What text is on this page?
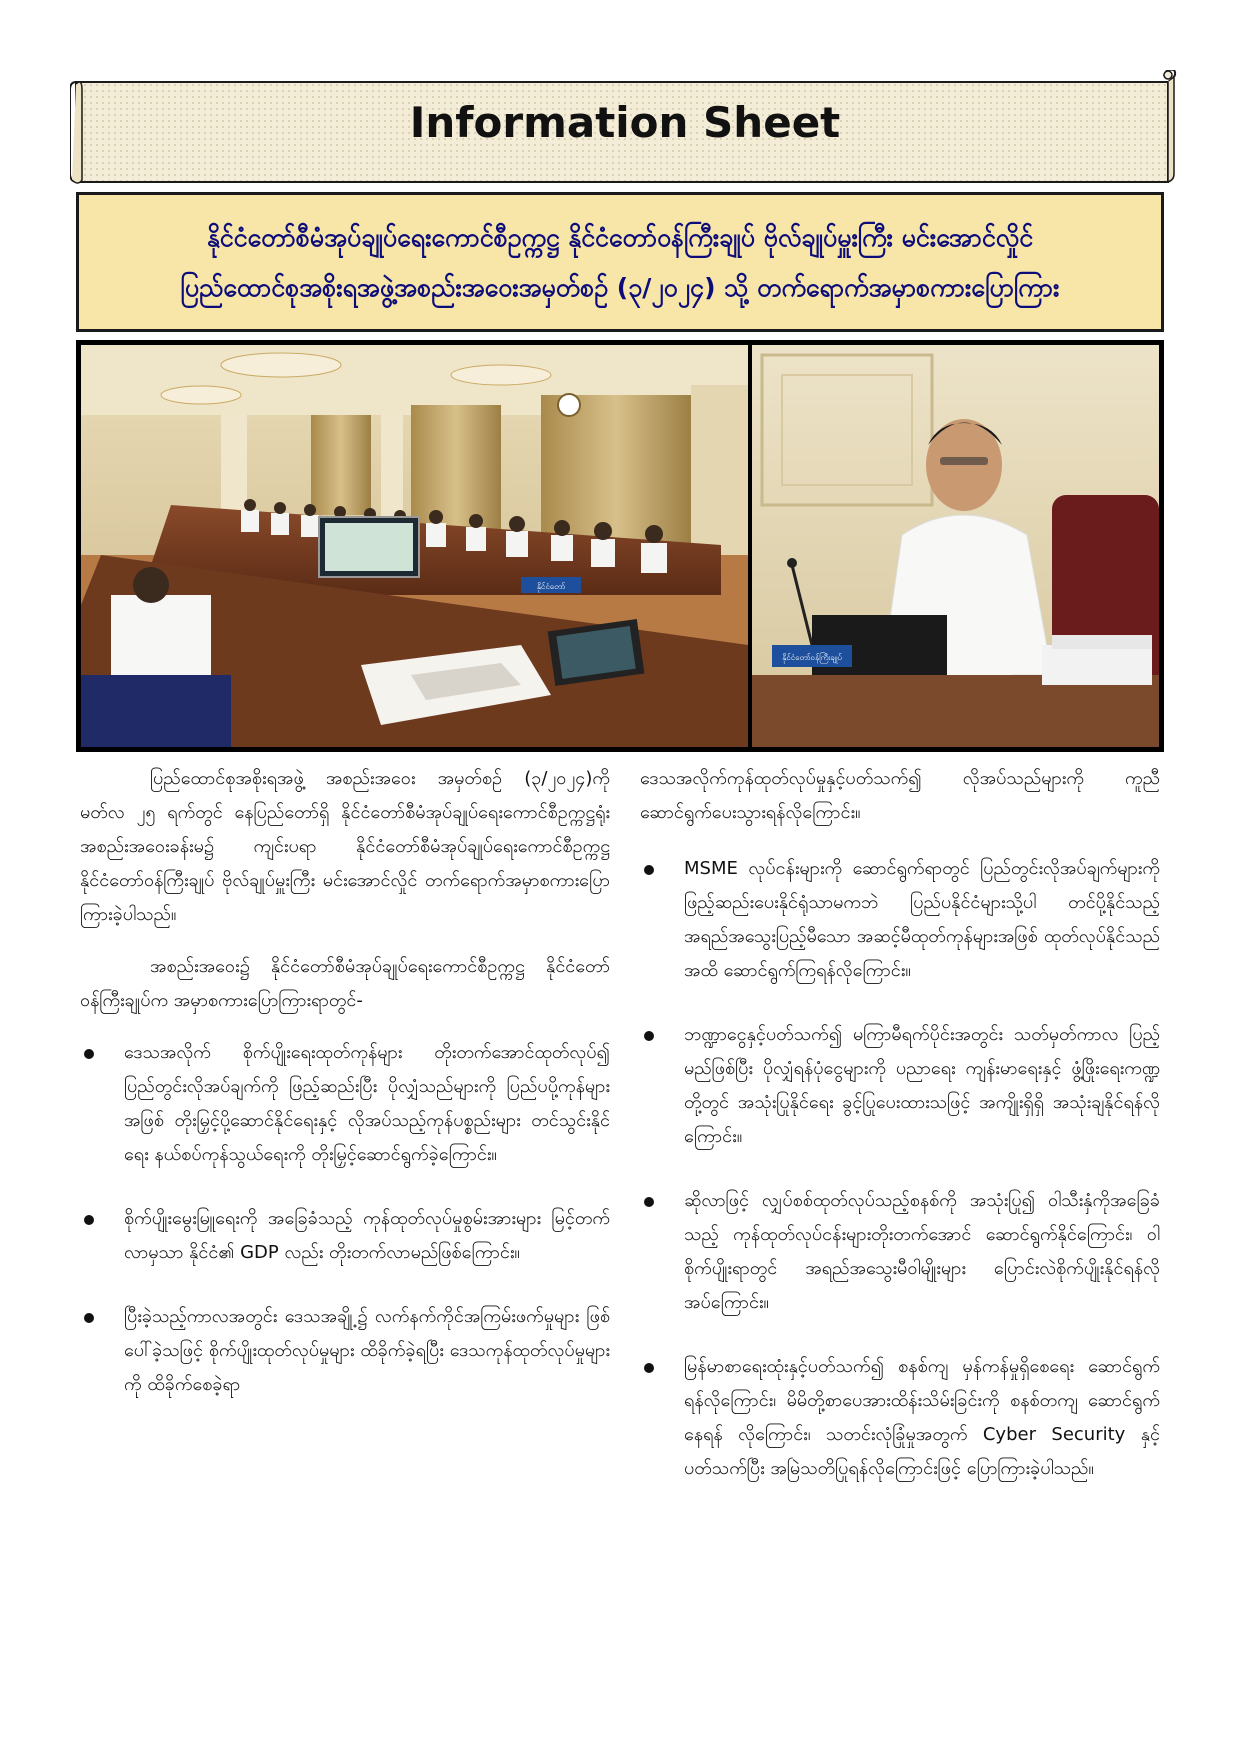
Information Sheet
နိုင်ငံတော်စီမံအုပ်ချုပ်ရေးကောင်စီဥက္ကဋ္ဌ နိုင်ငံတော်ဝန်ကြီးချုပ် ဗိုလ်ချုပ်မှူးကြီး မင်းအောင်လှိုင်
ပြည်ထောင်စုအစိုးရအဖွဲ့အစည်းအဝေးအမှတ်စဉ် (၃/၂၀၂၄) သို့ တက်ရောက်အမှာစကားပြောကြား
နိုင်ငံတော်
နိုင်ငံတော်ဝန်ကြီးချုပ်

ပြည်ထောင်စုအစိုးရအဖွဲ့ အစည်းအဝေး အမှတ်စဉ် (၃/၂၀၂၄)ကို မတ်လ ၂၅ ရက်တွင် နေပြည်တော်ရှိ နိုင်ငံတော်စီမံအုပ်ချုပ်ရေးကောင်စီဥက္ကဋ္ဌရုံး အစည်းအဝေးခန်းမ၌ ကျင်းပရာ နိုင်ငံတော်စီမံအုပ်ချုပ်ရေးကောင်စီဥက္ကဋ္ဌ နိုင်ငံတော်ဝန်ကြီးချုပ် ဗိုလ်ချုပ်မှူးကြီး မင်းအောင်လှိုင် တက်ရောက်အမှာစကားပြောကြားခဲ့ပါသည်။

အစည်းအဝေး၌ နိုင်ငံတော်စီမံအုပ်ချုပ်ရေးကောင်စီဥက္ကဋ္ဌ နိုင်ငံတော်ဝန်ကြီးချုပ်က အမှာစကားပြောကြားရာတွင်-

ဒေသအလိုက် စိုက်ပျိုးရေးထုတ်ကုန်များ တိုးတက်အောင်ထုတ်လုပ်၍ ပြည်တွင်းလိုအပ်ချက်ကို ဖြည့်ဆည်းပြီး ပိုလျှံသည်များကို ပြည်ပပို့ကုန်များအဖြစ် တိုးမြှင့်ပို့ဆောင်နိုင်ရေးနှင့် လိုအပ်သည့်ကုန်ပစ္စည်းများ တင်သွင်းနိုင်ရေး နယ်စပ်ကုန်သွယ်ရေးကို တိုးမြှင့်ဆောင်ရွက်ခဲ့ကြောင်း။
စိုက်ပျိုးမွေးမြူရေးကို အခြေခံသည့် ကုန်ထုတ်လုပ်မှုစွမ်းအားများ မြင့်တက်လာမှသာ နိုင်ငံ၏ GDP လည်း တိုးတက်လာမည်ဖြစ်ကြောင်း။
ပြီးခဲ့သည့်ကာလအတွင်း ဒေသအချို့၌ လက်နက်ကိုင်အကြမ်းဖက်မှုများ ဖြစ်ပေါ်ခဲ့သဖြင့် စိုက်ပျိုးထုတ်လုပ်မှုများ ထိခိုက်ခဲ့ရပြီး ဒေသကုန်ထုတ်လုပ်မှုများကို ထိခိုက်စေခဲ့ရာ

ဒေသအလိုက်ကုန်ထုတ်လုပ်မှုနှင့်ပတ်သက်၍ လိုအပ်သည်များကို ကူညီဆောင်ရွက်ပေးသွားရန်လိုကြောင်း။

MSME လုပ်ငန်းများကို ဆောင်ရွက်ရာတွင် ပြည်တွင်းလိုအပ်ချက်များကို ဖြည့်ဆည်းပေးနိုင်ရုံသာမကဘဲ ပြည်ပနိုင်ငံများသို့ပါ တင်ပို့နိုင်သည့် အရည်အသွေးပြည့်မီသော အဆင့်မီထုတ်ကုန်များအဖြစ် ထုတ်လုပ်နိုင်သည်အထိ ဆောင်ရွက်ကြရန်လိုကြောင်း။
ဘဏ္ဍာငွေနှင့်ပတ်သက်၍ မကြာမီရက်ပိုင်းအတွင်း သတ်မှတ်ကာလ ပြည့်မည်ဖြစ်ပြီး ပိုလျှံရန်ပုံငွေများကို ပညာရေး ကျန်းမာရေးနှင့် ဖွံ့ဖြိုးရေးကဏ္ဍတို့တွင် အသုံးပြုနိုင်ရေး ခွင့်ပြုပေးထားသဖြင့် အကျိုးရှိရှိ အသုံးချနိုင်ရန်လိုကြောင်း။
ဆိုလာဖြင့် လျှပ်စစ်ထုတ်လုပ်သည့်စနစ်ကို အသုံးပြု၍ ဝါသီးနှံကိုအခြေခံသည့် ကုန်ထုတ်လုပ်ငန်းများတိုးတက်အောင် ဆောင်ရွက်နိုင်ကြောင်း၊ ဝါစိုက်ပျိုးရာတွင် အရည်အသွေးမီဝါမျိုးများ ပြောင်းလဲစိုက်ပျိုးနိုင်ရန်လိုအပ်ကြောင်း။
မြန်မာစာရေးထုံးနှင့်ပတ်သက်၍ စနစ်ကျ မှန်ကန်မှုရှိစေရေး ဆောင်ရွက်ရန်လိုကြောင်း၊ မိမိတို့စာပေအားထိန်းသိမ်းခြင်းကို စနစ်တကျ ဆောင်ရွက်နေရန် လိုကြောင်း၊ သတင်းလုံခြုံမှုအတွက် Cyber Security နှင့်ပတ်သက်ပြီး အမြဲသတိပြုရန်လိုကြောင်းဖြင့် ပြောကြားခဲ့ပါသည်။
